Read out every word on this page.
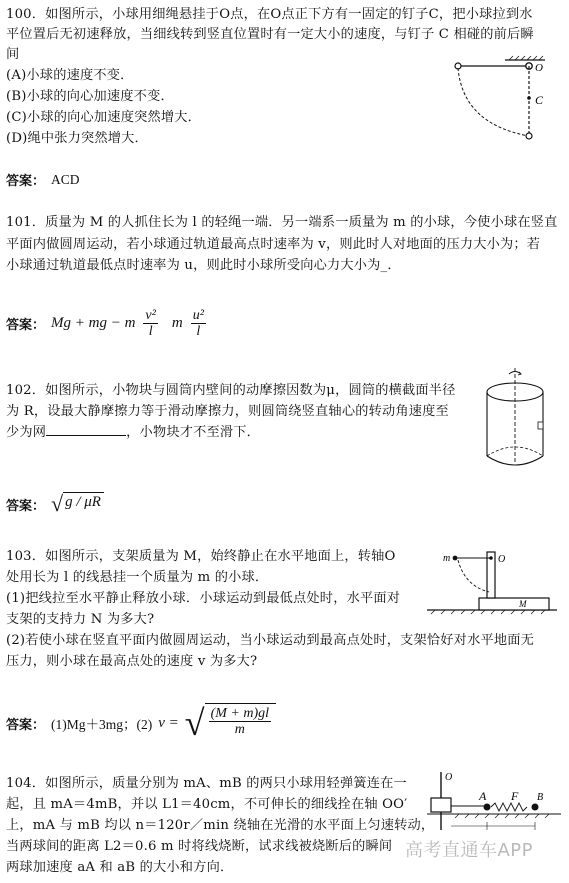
100．如图所示，小球用细绳悬挂于O点，在O点正下方有一固定的钉子C，把小球拉到水
平位置后无初速释放，当细线转到竖直位置时有一定大小的速度，与钉子 C 相碰的前后瞬
间
(A)小球的速度不变．
(B)小球的向心加速度不变．
(C)小球的向心加速度突然增大．
(D)绳中张力突然增大．
O
C
答案： ACD
101．质量为 M 的人抓住长为 l 的轻绳一端．另一端系一质量为 m 的小球，今使小球在竖直
平面内做圆周运动，若小球通过轨道最高点时速率为 v，则此时人对地面的压力大小为；若
小球通过轨道最低点时速率为 u，则此时小球所受向心力大小为_．
答案： Mg + mg − m $\frac{\text{v²}}{l}$ m $\frac{\text{u²}}{l}$
102．如图所示，小物块与圆筒内壁间的动摩擦因数为μ，圆筒的横截面半径
为 R，设最大静摩擦力等于滑动摩擦力，则圆筒绕竖直轴心的转动角速度至
少为网	，小物块才不至滑下．
答案： √ g / μR
103．如图所示，支架质量为 M，始终静止在水平地面上，转轴O
处用长为 l 的线悬挂一个质量为 m 的小球．
(1)把线拉至水平静止释放小球．小球运动到最低点处时，水平面对
支架的支持力 N 为多大?
(2)若使小球在竖直平面内做圆周运动，当小球运动到最高点处时，支架恰好对水平地面无
压力，则小球在最高点处的速度 v 为多大?
m	O
M
答案： (1)Mg＋3mg；(2) v = √ $\frac{(M + m)gl}{m}$
104．如图所示，质量分别为 mA、mB 的两只小球用轻弹簧连在一
起，且 mA＝4mB，并以 L1＝40cm，不可伸长的细线拴在轴 OO′
上，mA 与 mB 均以 n＝120r／min 绕轴在光滑的水平面上匀速转动，
当两球间的距离 L2＝0.6 m 时将线烧断，试求线被烧断后的瞬间
两球加速度 aA 和 aB 的大小和方向．
O
A F B
高考直通车APP
